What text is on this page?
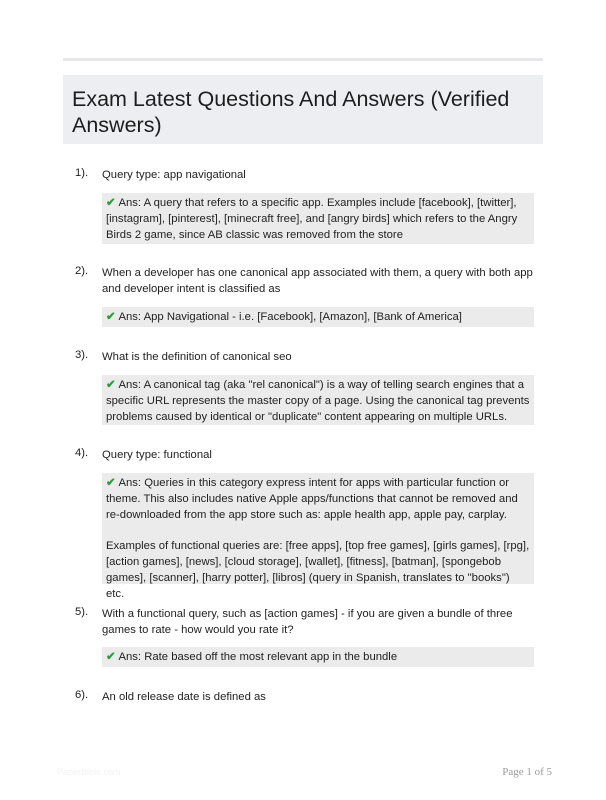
Exam Latest Questions And Answers (Verified Answers)
1). Query type: app navigational

✔ Ans: A query that refers to a specific app. Examples include [facebook], [twitter], [instagram], [pinterest], [minecraft free], and [angry birds] which refers to the Angry Birds 2 game, since AB classic was removed from the store

2). When a developer has one canonical app associated with them, a query with both app and developer intent is classified as

✔ Ans: App Navigational - i.e. [Facebook], [Amazon], [Bank of America]

3). What is the definition of canonical seo

✔ Ans: A canonical tag (aka "rel canonical") is a way of telling search engines that a specific URL represents the master copy of a page. Using the canonical tag prevents problems caused by identical or "duplicate" content appearing on multiple URLs.

4). Query type: functional

✔ Ans: Queries in this category express intent for apps with particular function or theme. This also includes native Apple apps/functions that cannot be removed and re-downloaded from the app store such as: apple health app, apple pay, carplay.

Examples of functional queries are: [free apps], [top free games], [girls games], [rpg], [action games], [news], [cloud storage], [wallet], [fitness], [batman], [spongebob games], [scanner], [harry potter], [libros] (query in Spanish, translates to "books") etc.

5). With a functional query, such as [action games] - if you are given a bundle of three games to rate - how would you rate it?

✔ Ans: Rate based off the most relevant app in the bundle

6). An old release date is defined as
PaperBible.com	Page 1 of 5
